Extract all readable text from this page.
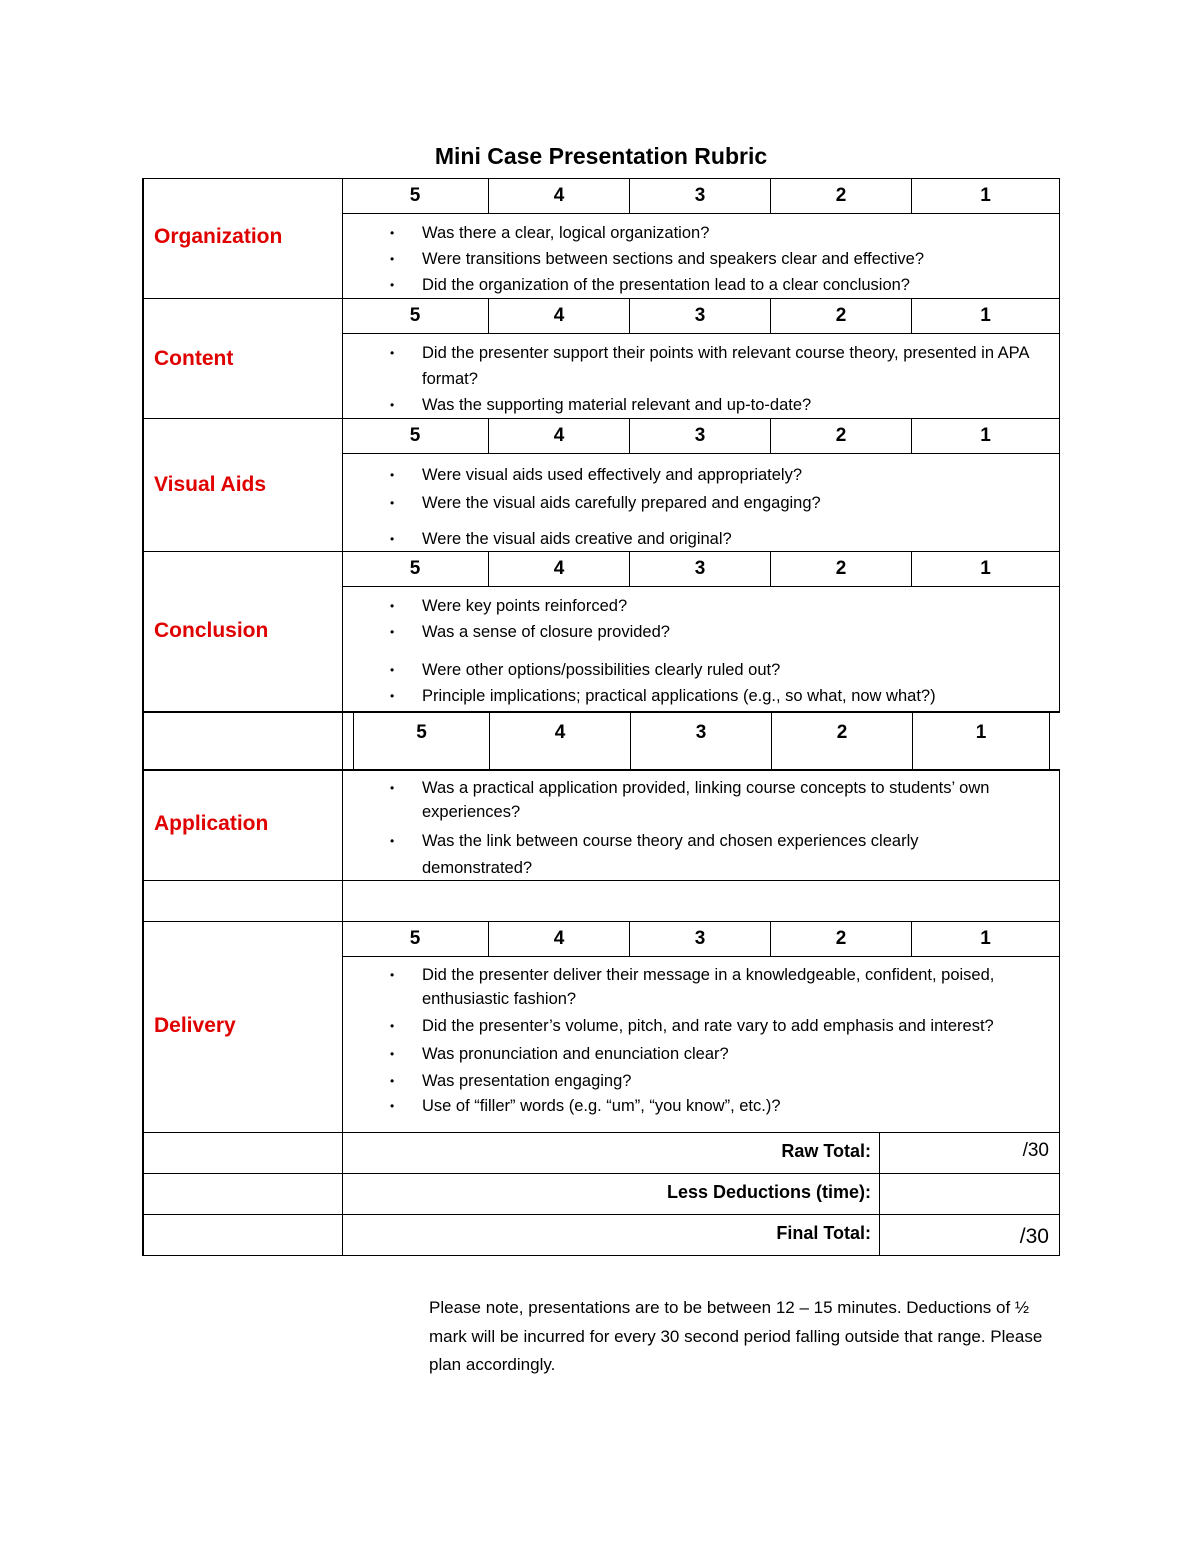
Mini Case Presentation Rubric
Organization
5	4	3	2	1
• Was there a clear, logical organization?
• Were transitions between sections and speakers clear and effective?
• Did the organization of the presentation lead to a clear conclusion?
Content
5	4	3	2	1
• Did the presenter support their points with relevant course theory, presented in APA format?
• Was the supporting material relevant and up-to-date?
Visual Aids
5	4	3	2	1
• Were visual aids used effectively and appropriately?
• Were the visual aids carefully prepared and engaging?
• Were the visual aids creative and original?
Conclusion
5	4	3	2	1
• Were key points reinforced?
• Was a sense of closure provided?
• Were other options/possibilities clearly ruled out?
• Principle implications; practical applications (e.g., so what, now what?)
5	4	3	2	1
Application
• Was a practical application provided, linking course concepts to students’ own experiences?
• Was the link between course theory and chosen experiences clearly demonstrated?
Delivery
5	4	3	2	1
• Did the presenter deliver their message in a knowledgeable, confident, poised, enthusiastic fashion?
• Did the presenter’s volume, pitch, and rate vary to add emphasis and interest?
• Was pronunciation and enunciation clear?
• Was presentation engaging?
• Use of “filler” words (e.g. “um”, “you know”, etc.)?
Raw Total:	/30
Less Deductions (time):
Final Total:	/30
Please note, presentations are to be between 12 – 15 minutes. Deductions of ½ mark will be incurred for every 30 second period falling outside that range. Please plan accordingly.
